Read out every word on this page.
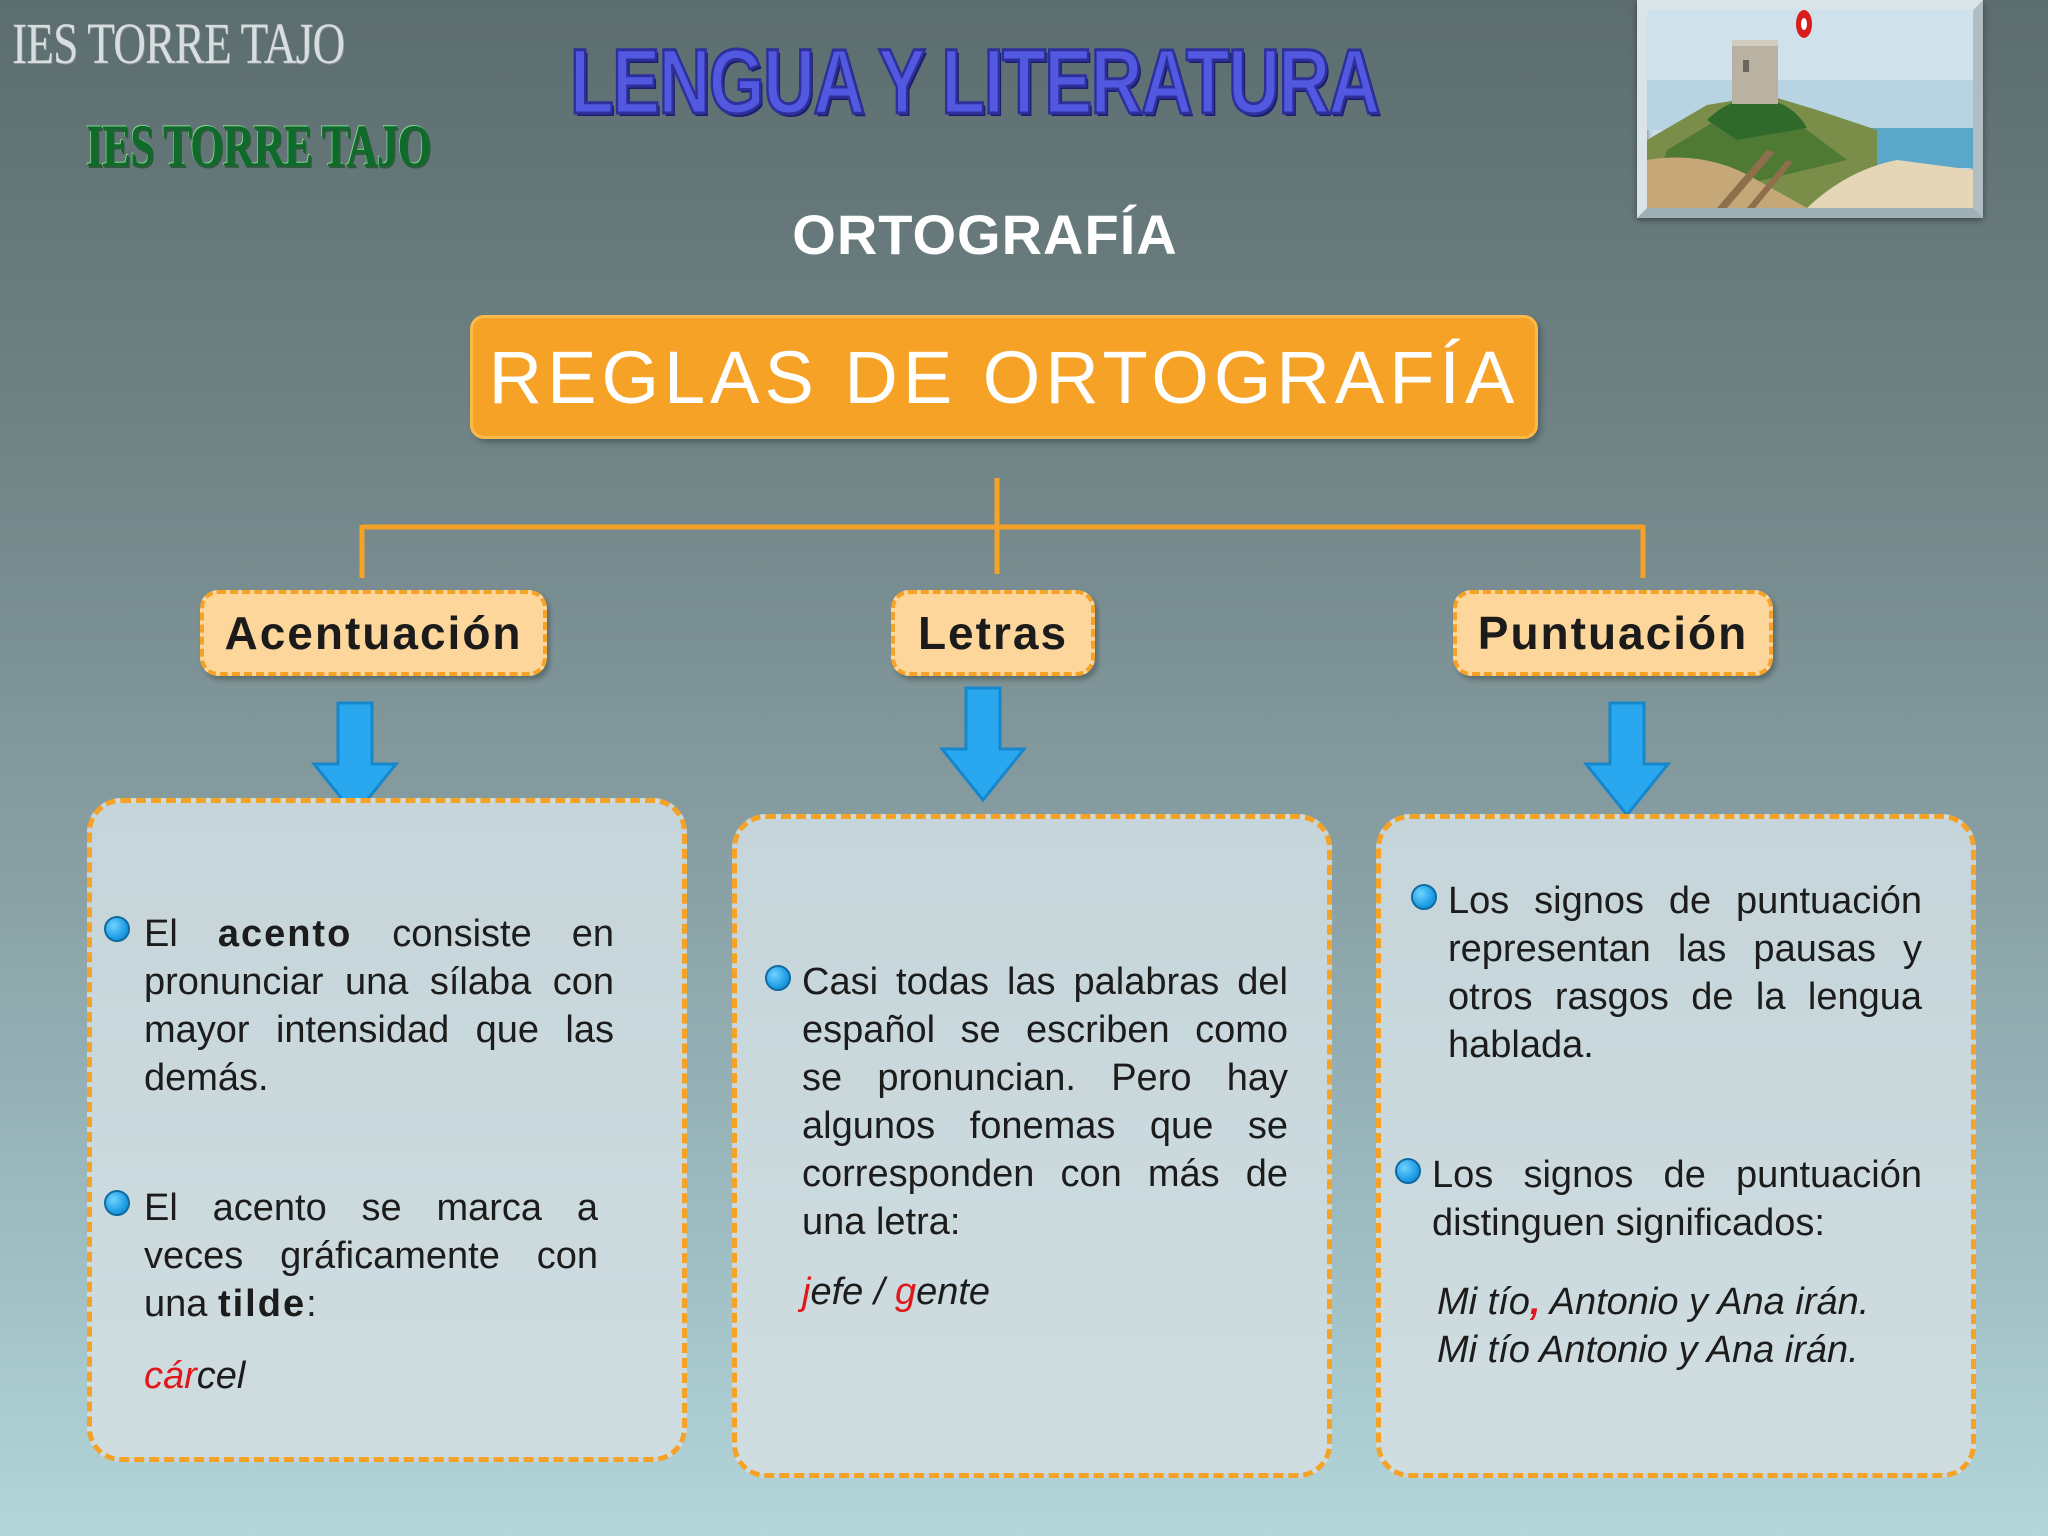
IES TORRE TAJO
IES TORRE TAJO
LENGUA Y LITERATURA
ORTOGRAFÍA
REGLAS DE ORTOGRAFÍA
Acentuación	Letras	Puntuación
El acento consiste en pronunciar una sílaba con mayor intensidad que las demás.
El acento se marca a veces gráficamente con una tilde:
cárcel
Casi todas las palabras del español se escriben como se pronuncian. Pero hay algunos fonemas que se corresponden con más de una letra:
jefe / gente
Los signos de puntuación representan las pausas y otros rasgos de la lengua hablada.
Los signos de puntuación distinguen significados:
Mi tío, Antonio y Ana irán.
Mi tío Antonio y Ana irán.
